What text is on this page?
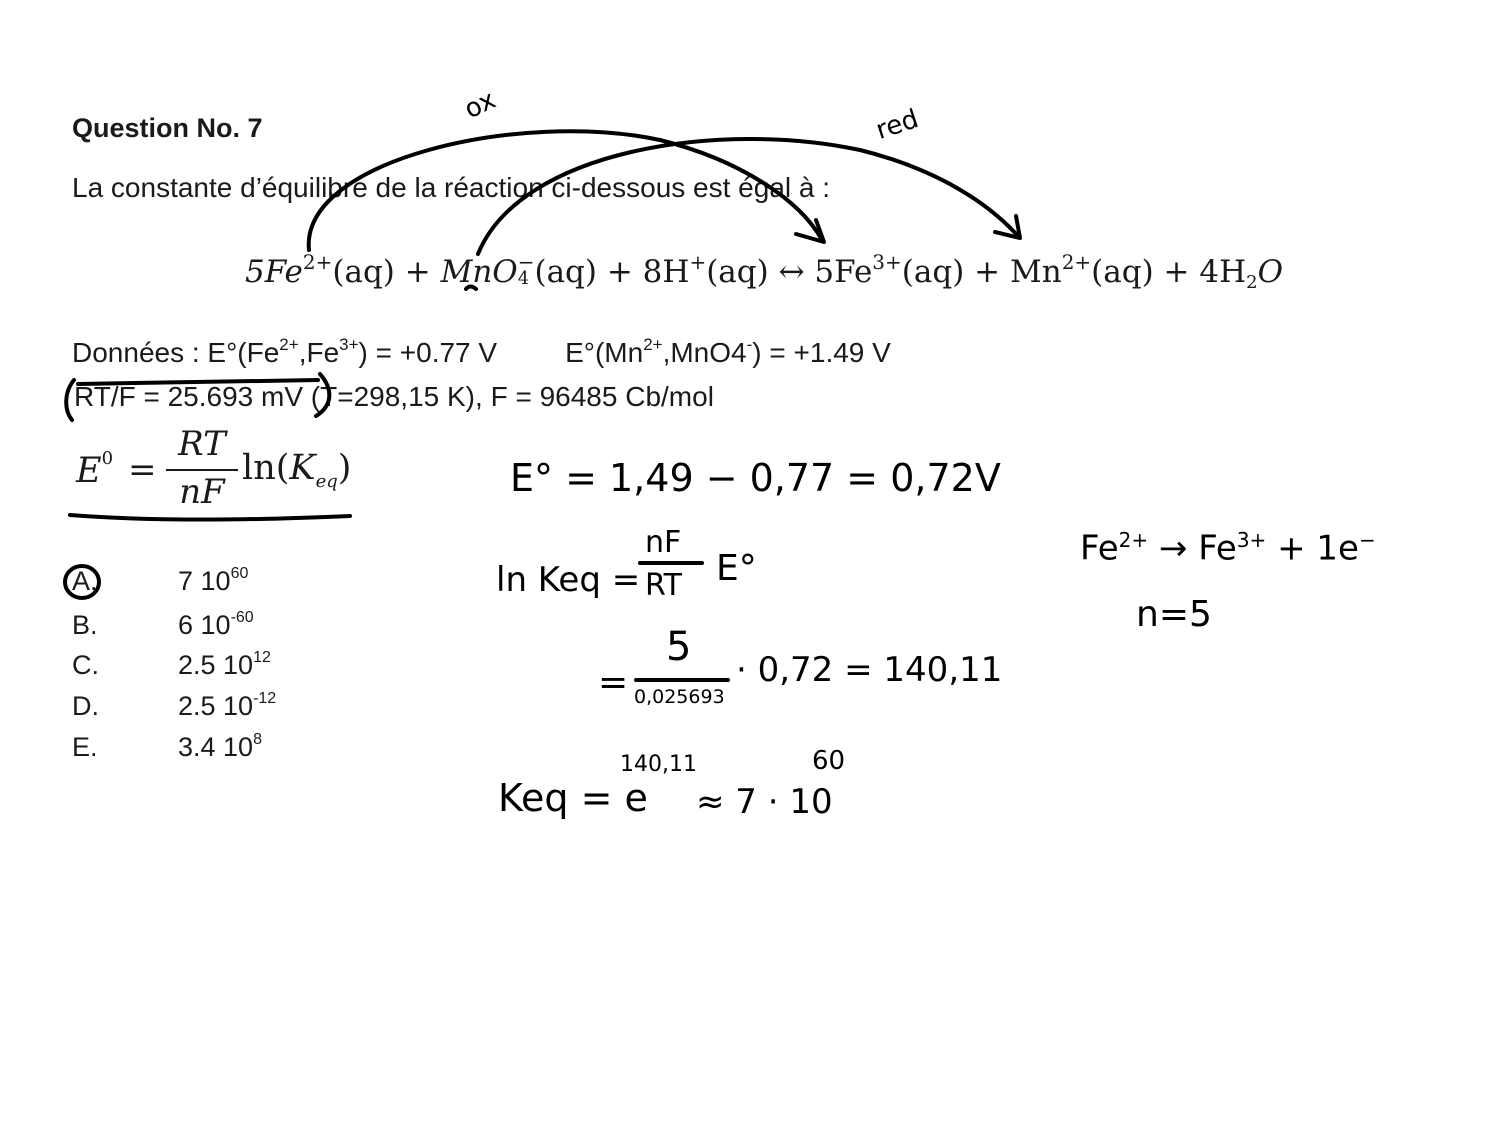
Question No. 7
La constante d’équilibre de la réaction ci-dessous est égal à :
$5Fe^{2+}(aq) + MnO^-$
4 (aq) + 8H+(aq) ↔ $5Fe^{3+}(aq) + Mn^{2+}(aq) + 4H2O$
Données : $E^\circ(Fe^{2+},Fe^{3+}) = +0.77$ V $E^\circ(Mn^{2+},MnO4^-) = +1.49$ V
RT/F = 25.693 mV (T=298,15 K), F = 96485 Cb/mol
$E^0$ =
RT
nF
$\ln(K_{eq})$
A.	7 $10^{60}$
B.	6 $10^{-60}$
C.	2.5 $10^{12}$
D.	2.5 $10^{-12}$
E.	3.4 $10^8$
ox	red
E° = 1,49 − 0,77 = 0,72V
ln Keq =
nF
RT E°
=
5
0,025693
· 0,72 = 140,11
Keq = e
140,11
≈ 7 · 10
60
$Fe^{2+} \to Fe^{3+} + 1e^-$
n=5
